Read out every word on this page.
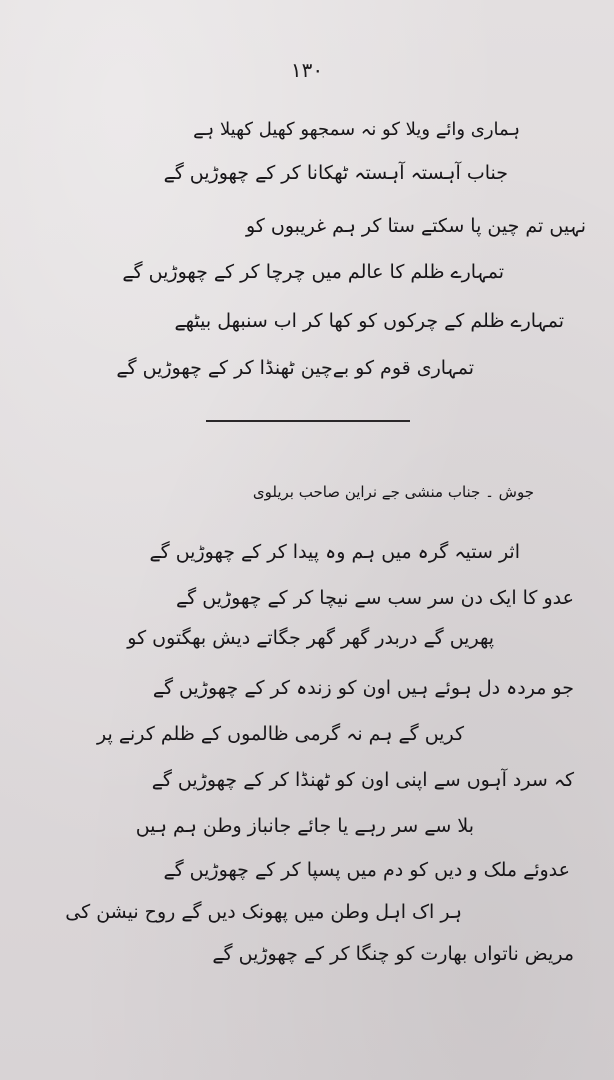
۱۳۰
ہماری وائے ویلا کو نہ سمجھو کھیل کھیلا ہے
جناب آہستہ آہستہ ٹھکانا کر کے چھوڑیں گے
نہیں تم چین پا سکتے ستا کر ہم غریبوں کو
تمہارے ظلم کا عالم میں چرچا کر کے چھوڑیں گے
تمہارے ظلم کے چرکوں کو کھا کر اب سنبھل بیٹھے
تمہاری قوم کو بےچین ٹھنڈا کر کے چھوڑیں گے
جوش ۔ جناب منشی جے نراین صاحب بریلوی
اثر ستیہ گرہ میں ہم وہ پیدا کر کے چھوڑیں گے
عدو کا ایک دن سر سب سے نیچا کر کے چھوڑیں گے
پھریں گے دربدر گھر گھر جگاتے دیش بھگتوں کو
جو مردہ دل ہوئے ہیں اون کو زندہ کر کے چھوڑیں گے
کریں گے ہم نہ گرمی ظالموں کے ظلم کرنے پر
کہ سرد آہوں سے اپنی اون کو ٹھنڈا کر کے چھوڑیں گے
بلا سے سر رہے یا جائے جانباز وطن ہم ہیں
عدوئے ملک و دیں کو دم میں پسپا کر کے چھوڑیں گے
ہر اک اہل وطن میں پھونک دیں گے روح نیشن کی
مریض ناتواں بھارت کو چنگا کر کے چھوڑیں گے
